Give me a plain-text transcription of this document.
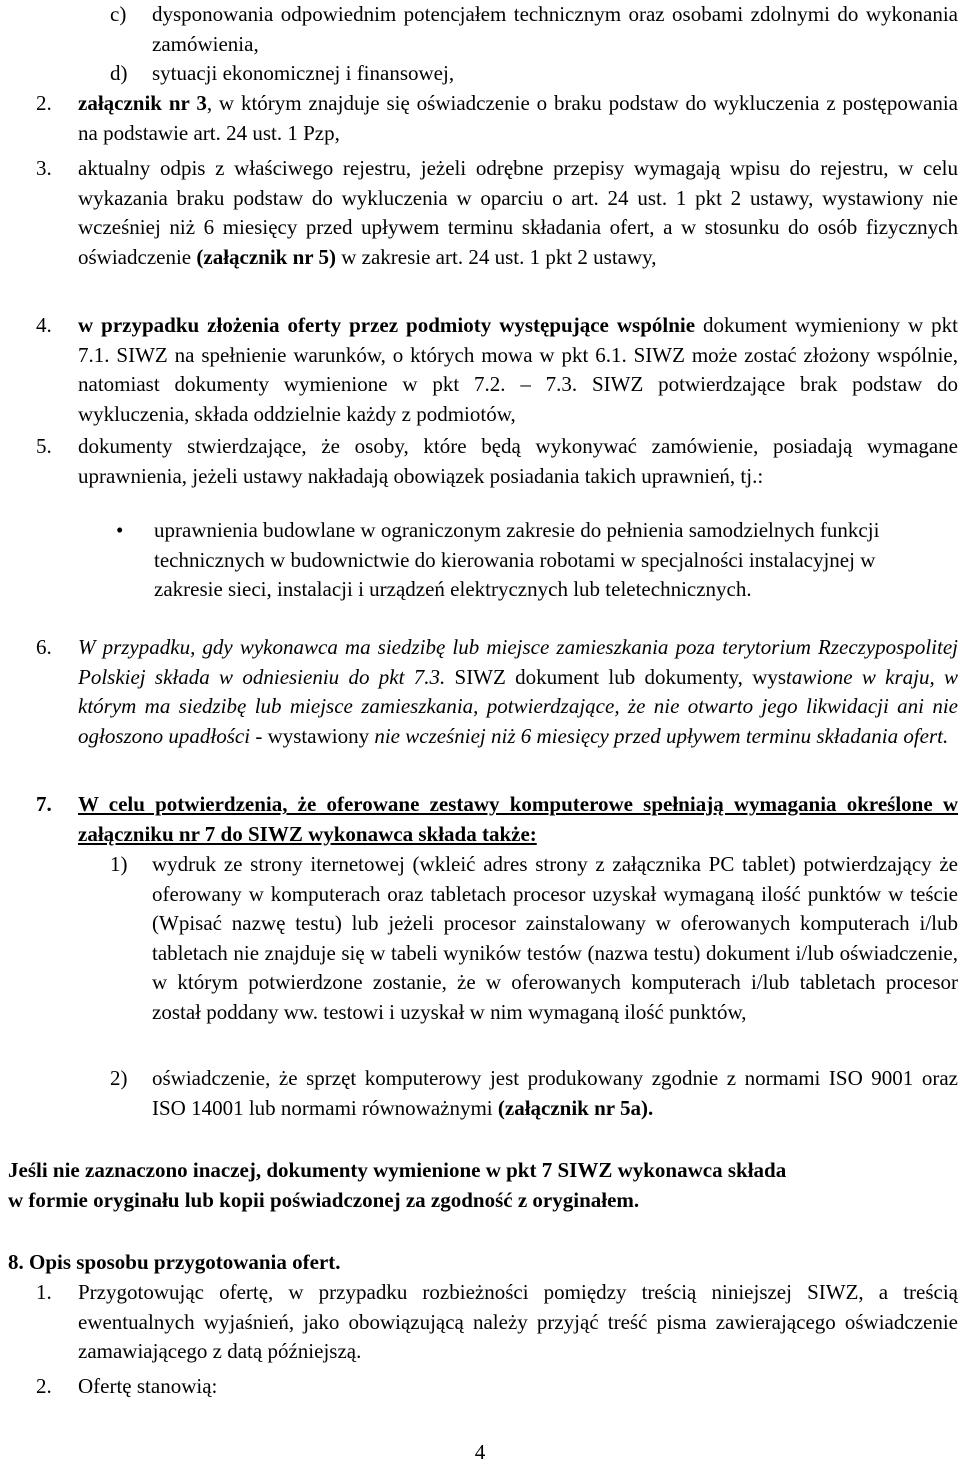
c)	dysponowania odpowiednim potencjałem technicznym oraz osobami zdolnymi do wykonania zamówienia,
d)	sytuacji ekonomicznej i finansowej,
2.	załącznik nr 3, w którym znajduje się oświadczenie o braku podstaw do wykluczenia z postępowania na podstawie art. 24 ust. 1 Pzp,
3.	aktualny odpis z właściwego rejestru, jeżeli odrębne przepisy wymagają wpisu do rejestru, w celu wykazania braku podstaw do wykluczenia w oparciu o art. 24 ust. 1 pkt 2 ustawy, wystawiony nie wcześniej niż 6 miesięcy przed upływem terminu składania ofert, a w stosunku do osób fizycznych oświadczenie (załącznik nr 5) w zakresie art. 24 ust. 1 pkt 2 ustawy,
4.	w przypadku złożenia oferty przez podmioty występujące wspólnie dokument wymieniony w pkt 7.1. SIWZ na spełnienie warunków, o których mowa w pkt 6.1. SIWZ może zostać złożony wspólnie, natomiast dokumenty wymienione w pkt 7.2. – 7.3. SIWZ potwierdzające brak podstaw do wykluczenia, składa oddzielnie każdy z podmiotów,
5.	dokumenty stwierdzające, że osoby, które będą wykonywać zamówienie, posiadają wymagane uprawnienia, jeżeli ustawy nakładają obowiązek posiadania takich uprawnień, tj.:
• uprawnienia budowlane w ograniczonym zakresie do pełnienia samodzielnych funkcji technicznych w budownictwie do kierowania robotami w specjalności instalacyjnej w zakresie sieci, instalacji i urządzeń elektrycznych lub teletechnicznych.
6.	W przypadku, gdy wykonawca ma siedzibę lub miejsce zamieszkania poza terytorium Rzeczypospolitej Polskiej składa w odniesieniu do pkt 7.3. SIWZ dokument lub dokumenty, wystawione w kraju, w którym ma siedzibę lub miejsce zamieszkania, potwierdzające, że nie otwarto jego likwidacji ani nie ogłoszono upadłości - wystawiony nie wcześniej niż 6 miesięcy przed upływem terminu składania ofert.
7.	W celu potwierdzenia, że oferowane zestawy komputerowe spełniają wymagania określone w załączniku nr 7 do SIWZ wykonawca składa także:
1)	wydruk ze strony iternetowej (wkleić adres strony z załącznika PC tablet) potwierdzający że oferowany w komputerach oraz tabletach procesor uzyskał wymaganą ilość punktów w teście (Wpisać nazwę testu) lub jeżeli procesor zainstalowany w oferowanych komputerach i/lub tabletach nie znajduje się w tabeli wyników testów (nazwa testu) dokument i/lub oświadczenie, w którym potwierdzone zostanie, że w oferowanych komputerach i/lub tabletach procesor został poddany ww. testowi i uzyskał w nim wymaganą ilość punktów,
2)	oświadczenie, że sprzęt komputerowy jest produkowany zgodnie z normami ISO 9001 oraz ISO 14001 lub normami równoważnymi (załącznik nr 5a).
Jeśli nie zaznaczono inaczej, dokumenty wymienione w pkt 7 SIWZ wykonawca składa
w formie oryginału lub kopii poświadczonej za zgodność z oryginałem.
8. Opis sposobu przygotowania ofert.
1.	Przygotowując ofertę, w przypadku rozbieżności pomiędzy treścią niniejszej SIWZ, a treścią ewentualnych wyjaśnień, jako obowiązującą należy przyjąć treść pisma zawierającego oświadczenie zamawiającego z datą późniejszą.
2.	Ofertę stanowią:
4
